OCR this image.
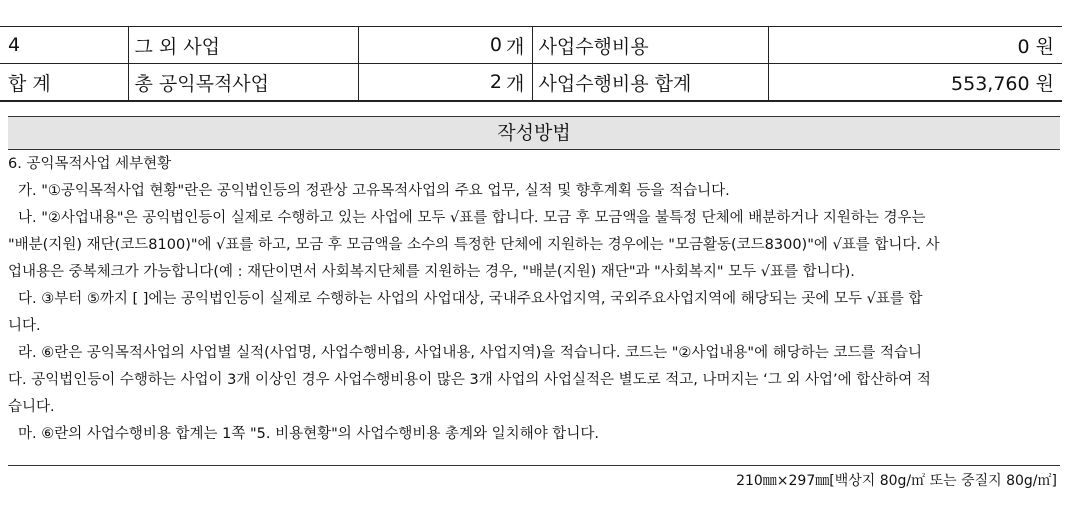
4	그 외 사업	0	개	사업수행비용	0 원
합 계	총 공익목적사업	2	개	사업수행비용 합계	553,760 원
작성방법

6. 공익목적사업 세부현황

가. "①공익목적사업 현황"란은 공익법인등의 정관상 고유목적사업의 주요 업무, 실적 및 향후계획 등을 적습니다.

나. "②사업내용"은 공익법인등이 실제로 수행하고 있는 사업에 모두 √표를 합니다. 모금 후 모금액을 불특정 단체에 배분하거나 지원하는 경우는

"배분(지원) 재단(코드8100)"에 √표를 하고, 모금 후 모금액을 소수의 특정한 단체에 지원하는 경우에는 "모금활동(코드8300)"에 √표를 합니다. 사

업내용은 중복체크가 가능합니다(예 : 재단이면서 사회복지단체를 지원하는 경우, "배분(지원) 재단"과 "사회복지" 모두 √표를 합니다).

다. ③부터 ⑤까지 [ ]에는 공익법인등이 실제로 수행하는 사업의 사업대상, 국내주요사업지역, 국외주요사업지역에 해당되는 곳에 모두 √표를 합

니다.

라. ⑥란은 공익목적사업의 사업별 실적(사업명, 사업수행비용, 사업내용, 사업지역)을 적습니다. 코드는 "②사업내용"에 해당하는 코드를 적습니

다. 공익법인등이 수행하는 사업이 3개 이상인 경우 사업수행비용이 많은 3개 사업의 사업실적은 별도로 적고, 나머지는 ‘그 외 사업’에 합산하여 적

습니다.

마. ⑥란의 사업수행비용 합계는 1쪽 "5. 비용현황"의 사업수행비용 총계와 일치해야 합니다.

210㎜×297㎜[백상지 80g/㎡ 또는 중질지 80g/㎡]
